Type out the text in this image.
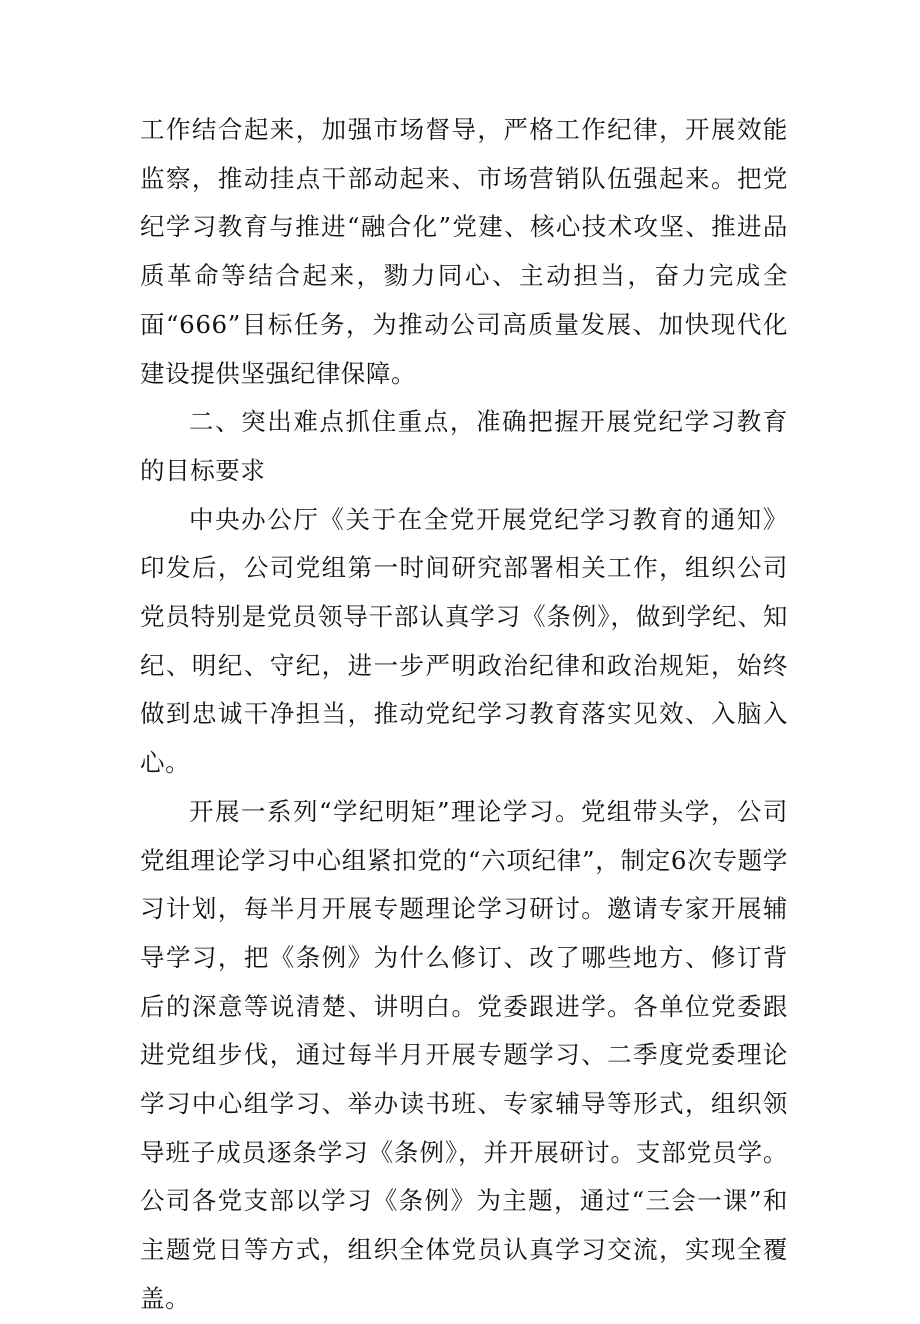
工作结合起来，加强市场督导，严格工作纪律，开展效能监察，推动挂点干部动起来、市场营销队伍强起来。把党纪学习教育与推进“融合化”党建、核心技术攻坚、推进品质革命等结合起来，勠力同心、主动担当，奋力完成全面“666”目标任务，为推动公司高质量发展、加快现代化建设提供坚强纪律保障。

二、突出难点抓住重点，准确把握开展党纪学习教育的目标要求

中央办公厅《关于在全党开展党纪学习教育的通知》印发后，公司党组第一时间研究部署相关工作，组织公司党员特别是党员领导干部认真学习《条例》，做到学纪、知纪、明纪、守纪，进一步严明政治纪律和政治规矩，始终做到忠诚干净担当，推动党纪学习教育落实见效、入脑入心。

开展一系列“学纪明矩”理论学习。党组带头学，公司党组理论学习中心组紧扣党的“六项纪律”，制定6次专题学习计划，每半月开展专题理论学习研讨。邀请专家开展辅导学习，把《条例》为什么修订、改了哪些地方、修订背后的深意等说清楚、讲明白。党委跟进学。各单位党委跟进党组步伐，通过每半月开展专题学习、二季度党委理论学习中心组学习、举办读书班、专家辅导等形式，组织领导班子成员逐条学习《条例》，并开展研讨。支部党员学。公司各党支部以学习《条例》为主题，通过“三会一课”和主题党日等方式，组织全体党员认真学习交流，实现全覆盖。
